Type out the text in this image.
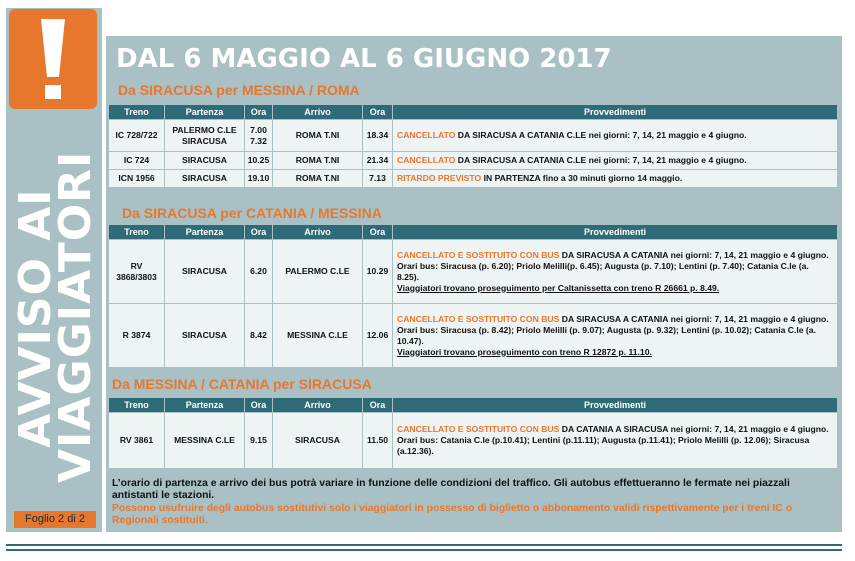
AVVISO AI
VIAGGIATORI
Foglio 2 di 2
DAL 6 MAGGIO AL 6 GIUGNO 2017
Da SIRACUSA per MESSINA / ROMA
Treno	Partenza	Ora	Arrivo	Ora	Provvedimenti
IC 728/722	PALERMO C.LE SIRACUSA	7.00 7.32	ROMA T.NI	18.34	CANCELLATO DA SIRACUSA A CATANIA C.LE nei giorni: 7, 14, 21 maggio e 4 giugno.
IC 724	SIRACUSA	10.25	ROMA T.NI	21.34	CANCELLATO DA SIRACUSA A CATANIA C.LE nei giorni: 7, 14, 21 maggio e 4 giugno.
ICN 1956	SIRACUSA	19.10	ROMA T.NI	7.13	RITARDO PREVISTO IN PARTENZA fino a 30 minuti giorno 14 maggio.
Da SIRACUSA per CATANIA / MESSINA
Treno	Partenza	Ora	Arrivo	Ora	Provvedimenti
RV 3868/3803	SIRACUSA	6.20	PALERMO C.LE	10.29	CANCELLATO E SOSTITUITO CON BUS DA SIRACUSA A CATANIA nei giorni: 7, 14, 21 maggio e 4 giugno.
Orari bus: Siracusa (p. 6.20); Priolo Melilli(p. 6.45); Augusta (p. 7.10); Lentini (p. 7.40); Catania C.le (a. 8.25).
Viaggiatori trovano proseguimento per Caltanissetta con treno R 26661 p. 8.49.

R 3874	SIRACUSA	8.42	MESSINA C.LE	12.06	CANCELLATO E SOSTITUITO CON BUS DA SIRACUSA A CATANIA nei giorni: 7, 14, 21 maggio e 4 giugno.
Orari bus: Siracusa (p. 8.42); Priolo Melilli (p. 9.07); Augusta (p. 9.32); Lentini (p. 10.02); Catania C.le (a. 10.47).
Viaggiatori trovano proseguimento con treno R 12872 p. 11.10.
Da MESSINA / CATANIA per SIRACUSA
Treno	Partenza	Ora	Arrivo	Ora	Provvedimenti
RV 3861	MESSINA C.LE	9.15	SIRACUSA	11.50	CANCELLATO E SOSTITUITO CON BUS DA CATANIA A SIRACUSA nei giorni: 7, 14, 21 maggio e 4 giugno.
Orari bus: Catania C.le (p.10.41); Lentini (p.11.11); Augusta (p.11.41); Priolo Melilli (p. 12.06); Siracusa (a.12.36).
L’orario di partenza e arrivo dei bus potrà variare in funzione delle condizioni del traffico. Gli autobus effettueranno le fermate nei piazzali antistanti le stazioni.
Possono usufruire degli autobus sostitutivi solo i viaggiatori in possesso di biglietto o abbonamento validi rispettivamente per i treni IC o Regionali sostituiti.
